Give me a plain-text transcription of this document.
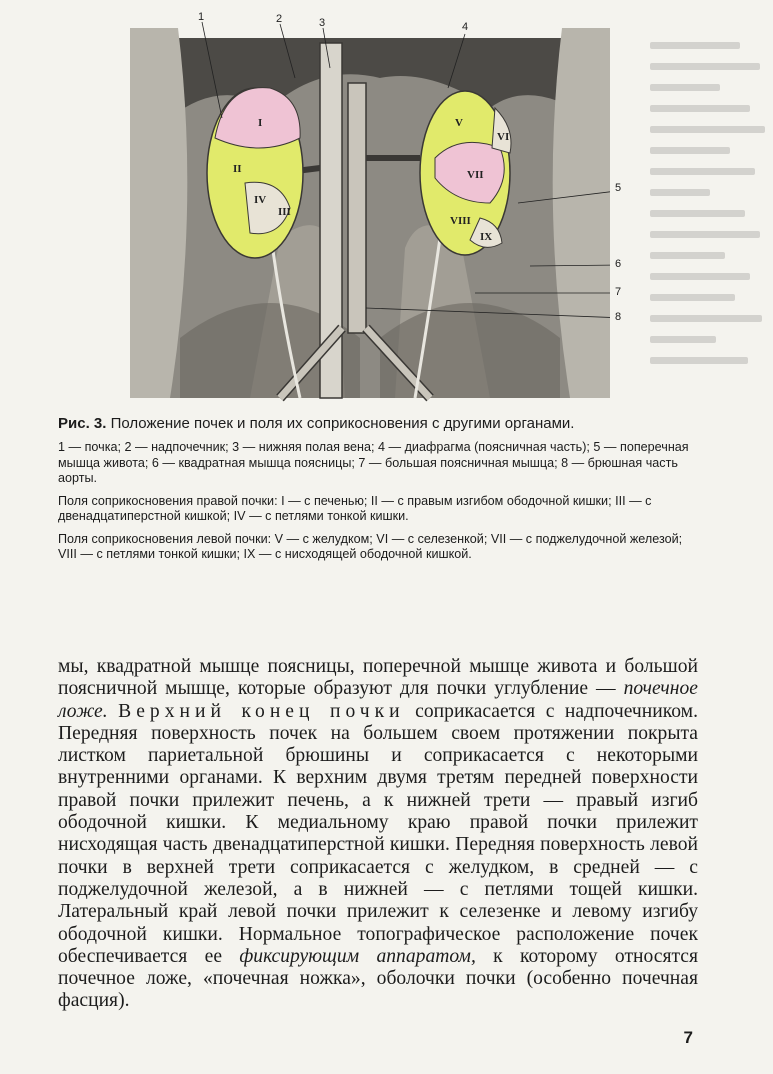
I
II
III
IV
V
VI
VII
VIII
IX
1	2	3	4
5
6
7
8
Рис. 3. Положение почек и поля их соприкосновения с другими органами.

1 — почка; 2 — надпочечник; 3 — нижняя полая вена; 4 — диафрагма (поясничная часть); 5 — поперечная мышца живота; 6 — квадратная мышца поясницы; 7 — большая поясничная мышца; 8 — брюшная часть аорты.

Поля соприкосновения правой почки: I — с печенью; II — с правым изгибом ободочной кишки; III — с двенадцатиперстной кишкой; IV — с петлями тонкой кишки.

Поля соприкосновения левой почки: V — с желудком; VI — с селезенкой; VII — с поджелудочной железой; VIII — с петлями тонкой кишки; IX — с нисходящей ободочной кишкой.

мы, квадратной мышце поясницы, поперечной мышце живота и большой поясничной мышце, которые образуют для почки углубление — почечное ложе. Верхний конец почки соприкасается с надпочечником. Передняя поверхность почек на большем своем протяжении покрыта листком париетальной брюшины и соприкасается с некоторыми внутренними органами. К верхним двумя третям передней поверхности правой почки прилежит печень, а к нижней трети — правый изгиб ободочной кишки. К медиальному краю правой почки прилежит нисходящая часть двенадцатиперстной кишки. Передняя поверхность левой почки в верхней трети соприкасается с желудком, в средней — с поджелудочной железой, а в нижней — с петлями тощей кишки. Латеральный край левой почки прилежит к селезенке и левому изгибу ободочной кишки. Нормальное топографическое расположение почек обеспечивается ее фиксирующим аппаратом, к которому относятся почечное ложе, «почечная ножка», оболочки почки (особенно почечная фасция).

7
